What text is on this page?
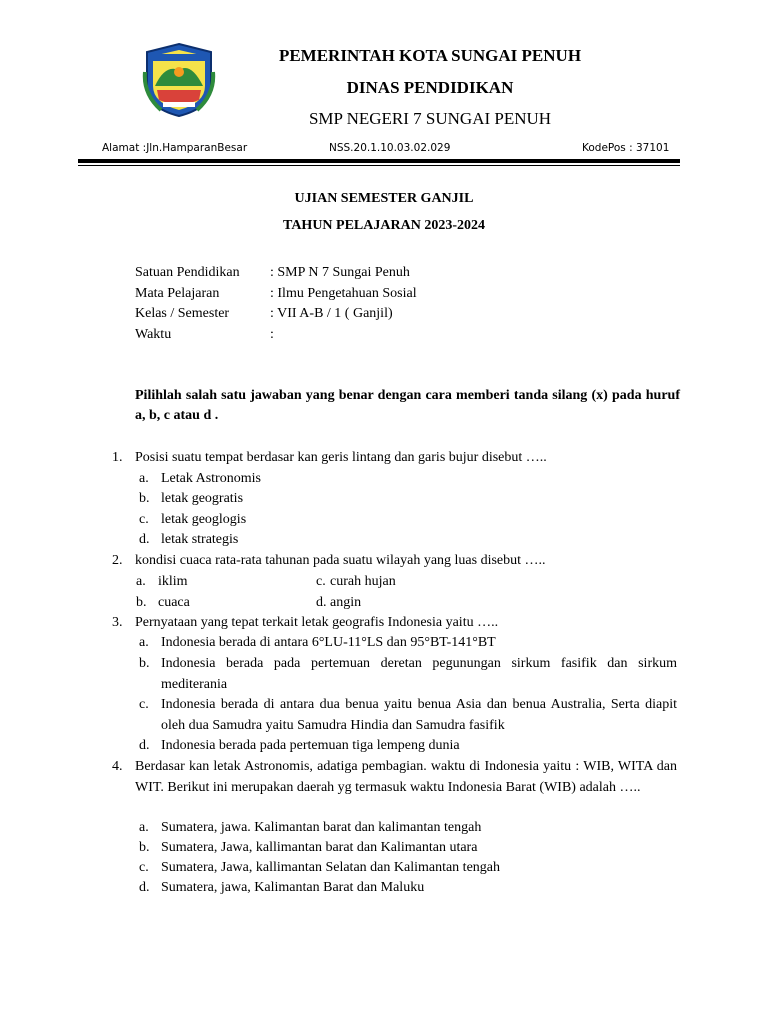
PEMERINTAH KOTA SUNGAI PENUH
DINAS PENDIDIKAN
SMP NEGERI 7 SUNGAI PENUH
Alamat :Jln.HamparanBesar	NSS.20.1.10.03.02.029	KodePos : 37101
UJIAN SEMESTER GANJIL
TAHUN PELAJARAN 2023-2024
Satuan Pendidikan : SMP N 7 Sungai Penuh
Mata Pelajaran	: Ilmu Pengetahuan Sosial
Kelas / Semester	: VII A-B / 1 ( Ganjil)
Waktu	:
Pilihlah salah satu jawaban yang benar dengan cara memberi tanda silang (x) pada huruf a, b, c atau d .
1. Posisi suatu tempat berdasar kan geris lintang dan garis bujur disebut …..
a. Letak Astronomis
b. letak geogratis
c. letak geoglogis
d. letak strategis
2. kondisi cuaca rata-rata tahunan pada suatu wilayah yang luas disebut …..
a. iklim
b. cuaca
c. curah hujan
d. angin
3. Pernyataan yang tepat terkait letak geografis Indonesia yaitu …..
a. Indonesia berada di antara 6°LU-11°LS dan 95°BT-141°BT
b. Indonesia berada pada pertemuan deretan pegunungan sirkum fasifik dan sirkum mediterania
c. Indonesia berada di antara dua benua yaitu benua Asia dan benua Australia, Serta diapit oleh dua Samudra yaitu Samudra Hindia dan Samudra fasifik
d. Indonesia berada pada pertemuan tiga lempeng dunia
4. Berdasar kan letak Astronomis, adatiga pembagian. waktu di Indonesia yaitu : WIB, WITA dan WIT. Berikut ini merupakan daerah yg termasuk waktu Indonesia Barat (WIB) adalah …..
a. Sumatera, jawa. Kalimantan barat dan kalimantan tengah
b. Sumatera, Jawa, kallimantan barat dan Kalimantan utara
c. Sumatera, Jawa, kallimantan Selatan dan Kalimantan tengah
d. Sumatera, jawa, Kalimantan Barat dan Maluku
